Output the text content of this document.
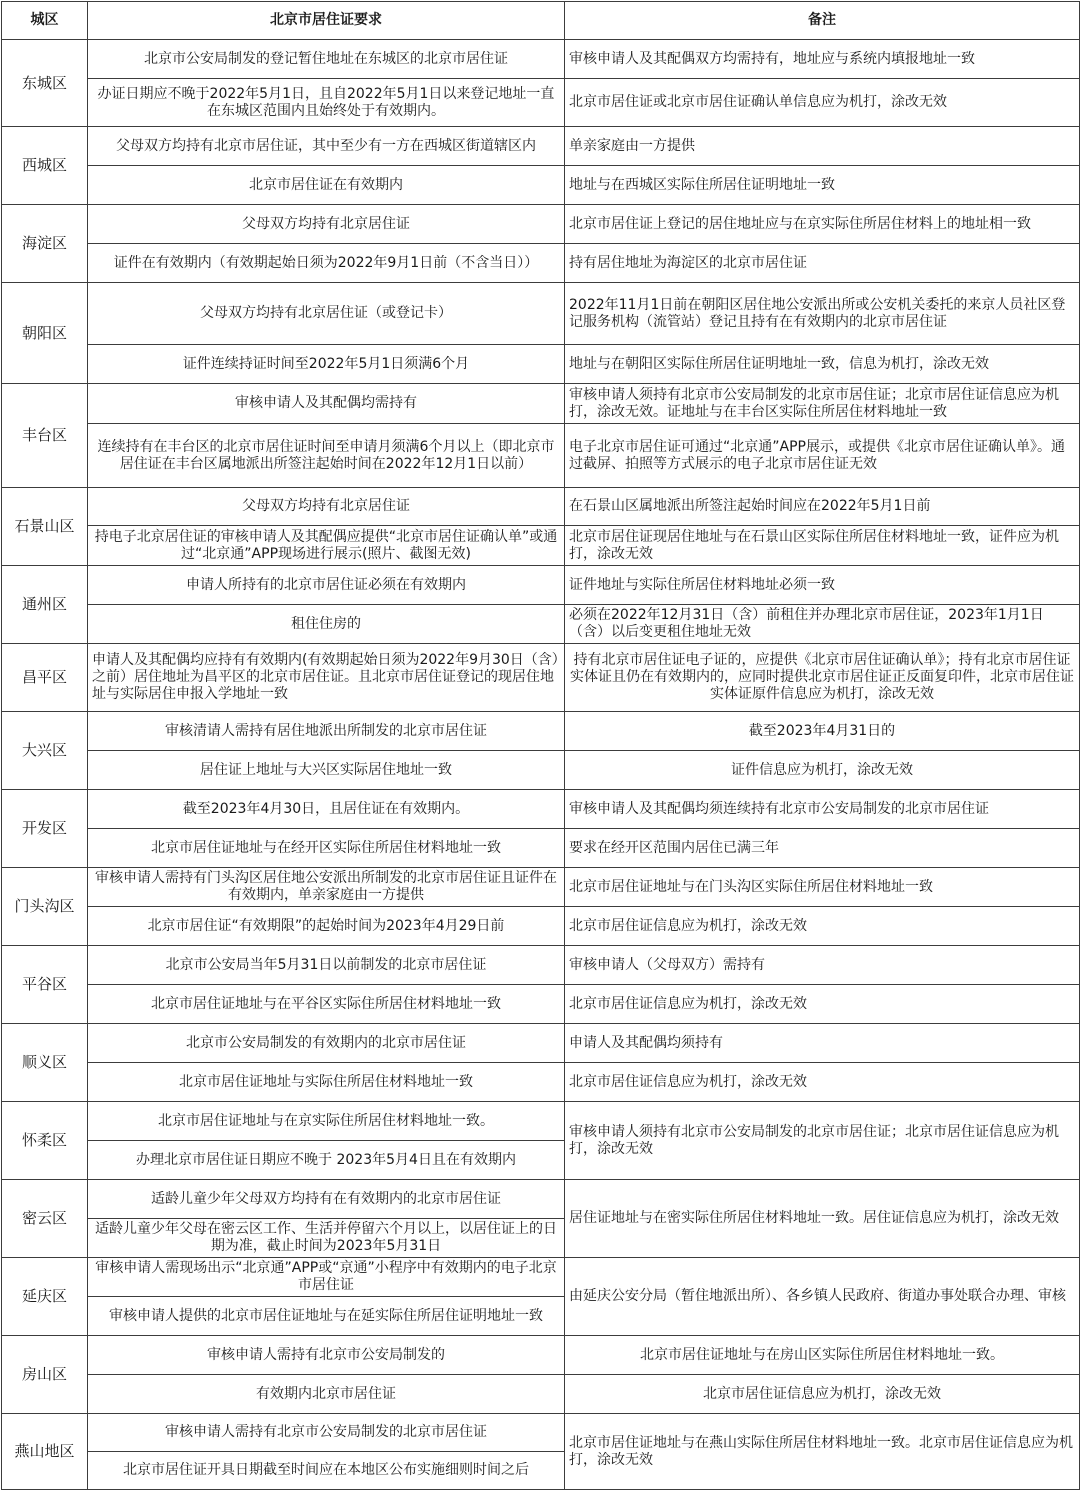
城区	北京市居住证要求	备注
东城区	北京市公安局制发的登记暂住地址在东城区的北京市居住证	审核申请人及其配偶双方均需持有，地址应与系统内填报地址一致

	办证日期应不晚于2022年5月1日，且自2022年5月1日以来登记地址一直在东城区范围内且始终处于有效期内。	北京市居住证或北京市居住证确认单信息应为机打，涂改无效

西城区	父母双方均持有北京市居住证，其中至少有一方在西城区街道辖区内	单亲家庭由一方提供

	北京市居住证在有效期内	地址与在西城区实际住所居住证明地址一致

海淀区	父母双方均持有北京居住证	北京市居住证上登记的居住地址应与在京实际住所居住材料上的地址相一致

	证件在有效期内（有效期起始日须为2022年9月1日前（不含当日））	持有居住地址为海淀区的北京市居住证

朝阳区	父母双方均持有北京居住证（或登记卡）	2022年11月1日前在朝阳区居住地公安派出所或公安机关委托的来京人员社区登记服务机构（流管站）登记且持有在有效期内的北京市居住证

	证件连续持证时间至2022年5月1日须满6个月	地址与在朝阳区实际住所居住证明地址一致，信息为机打，涂改无效

丰台区	审核申请人及其配偶均需持有	审核申请人须持有北京市公安局制发的北京市居住证；北京市居住证信息应为机打，涂改无效。证地址与在丰台区实际住所居住材料地址一致

	连续持有在丰台区的北京市居住证时间至申请月须满6个月以上（即北京市居住证在丰台区属地派出所签注起始时间在2022年12月1日以前）	电子北京市居住证可通过“北京通”APP展示，或提供《北京市居住证确认单》。通过截屏、拍照等方式展示的电子北京市居住证无效

石景山区	父母双方均持有北京居住证	在石景山区属地派出所签注起始时间应在2022年5月1日前

	持电子北京居住证的审核申请人及其配偶应提供“北京市居住证确认单”或通过“北京通”APP现场进行展示(照片、截图无效)	北京市居住证现居住地址与在石景山区实际住所居住材料地址一致，证件应为机打，涂改无效

通州区	申请人所持有的北京市居住证必须在有效期内	证件地址与实际住所居住材料地址必须一致

	租住住房的	必须在2022年12月31日（含）前租住并办理北京市居住证，2023年1月1日（含）以后变更租住地址无效

昌平区	申请人及其配偶均应持有有效期内(有效期起始日须为2022年9月30日（含）之前）居住地址为昌平区的北京市居住证。且北京市居住证登记的现居住地址与实际居住申报入学地址一致	持有北京市居住证电子证的，应提供《北京市居住证确认单》；持有北京市居住证实体证且仍在有效期内的，应同时提供北京市居住证正反面复印件，北京市居住证实体证原件信息应为机打，涂改无效

大兴区	审核清请人需持有居住地派出所制发的北京市居住证	截至2023年4月31日的

	居住证上地址与大兴区实际居住地址一致	证件信息应为机打，涂改无效

开发区	截至2023年4月30日，且居住证在有效期内。	审核申请人及其配偶均须连续持有北京市公安局制发的北京市居住证

	北京市居住证地址与在经开区实际住所居住材料地址一致	要求在经开区范围内居住已满三年

门头沟区	审核申请人需持有门头沟区居住地公安派出所制发的北京市居住证且证件在有效期内，单亲家庭由一方提供	北京市居住证地址与在门头沟区实际住所居住材料地址一致

	北京市居住证“有效期限”的起始时间为2023年4月29日前	北京市居住证信息应为机打，涂改无效

平谷区	北京市公安局当年5月31日以前制发的北京市居住证	审核申请人（父母双方）需持有

	北京市居住证地址与在平谷区实际住所居住材料地址一致	北京市居住证信息应为机打，涂改无效

顺义区	北京市公安局制发的有效期内的北京市居住证	申请人及其配偶均须持有

	北京市居住证地址与实际住所居住材料地址一致	北京市居住证信息应为机打，涂改无效

怀柔区	北京市居住证地址与在京实际住所居住材料地址一致。	审核申请人须持有北京市公安局制发的北京市居住证；北京市居住证信息应为机打，涂改无效

	办理北京市居住证日期应不晚于 2023年5月4日且在有效期内	

密云区	适龄儿童少年父母双方均持有在有效期内的北京市居住证	居住证地址与在密实际住所居住材料地址一致。居住证信息应为机打，涂改无效

	适龄儿童少年父母在密云区工作、生活并停留六个月以上，以居住证上的日期为准，截止时间为2023年5月31日	

延庆区	审核申请人需现场出示“北京通”APP或“京通”小程序中有效期内的电子北京市居住证	由延庆公安分局（暂住地派出所）、各乡镇人民政府、街道办事处联合办理、审核

	审核申请人提供的北京市居住证地址与在延实际住所居住证明地址一致	

房山区	审核申请人需持有北京市公安局制发的	北京市居住证地址与在房山区实际住所居住材料地址一致。

	有效期内北京市居住证	北京市居住证信息应为机打，涂改无效

燕山地区	审核申请人需持有北京市公安局制发的北京市居住证	北京市居住证地址与在燕山实际住所居住材料地址一致。北京市居住证信息应为机打，涂改无效

	北京市居住证开具日期截至时间应在本地区公布实施细则时间之后	
